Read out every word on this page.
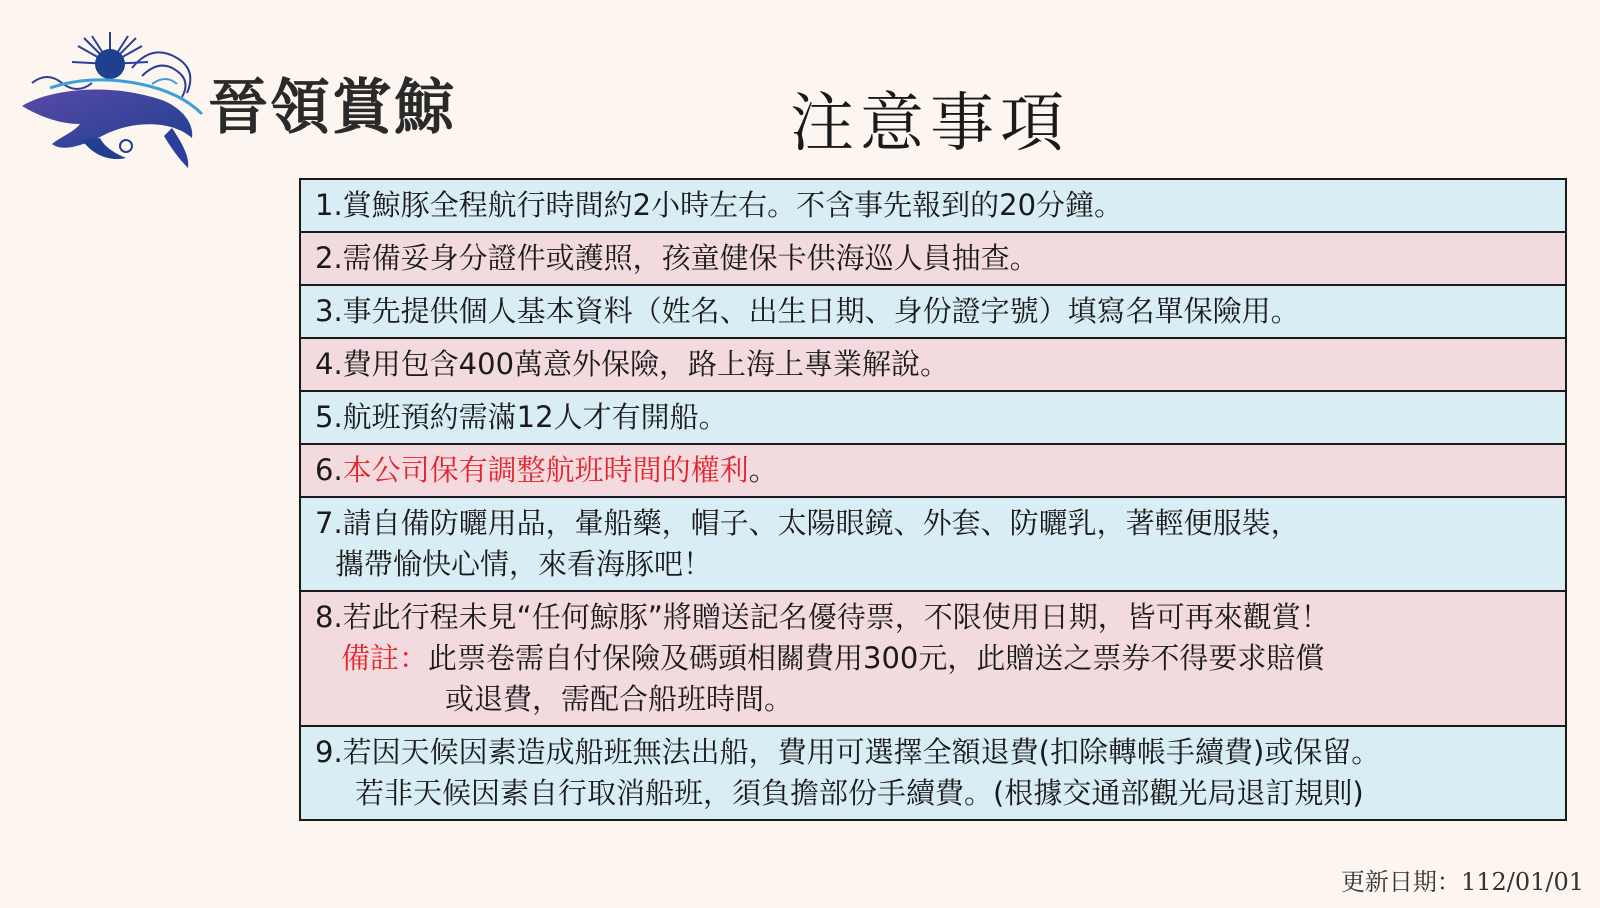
晉領賞鯨	注意事項
1.賞鯨豚全程航行時間約2小時左右。不含事先報到的20分鐘。
2.需備妥身分證件或護照，孩童健保卡供海巡人員抽查。
3.事先提供個人基本資料（姓名、出生日期、身份證字號）填寫名單保險用。
4.費用包含400萬意外保險，路上海上專業解說。
5.航班預約需滿12人才有開船。
6.本公司保有調整航班時間的權利。
7.請自備防曬用品，暈船藥，帽子、太陽眼鏡、外套、防曬乳，著輕便服裝，
攜帶愉快心情，來看海豚吧！
8.若此行程未見“任何鯨豚”將贈送記名優待票，不限使用日期，皆可再來觀賞！
備註：此票卷需自付保險及碼頭相關費用300元，此贈送之票券不得要求賠償
或退費，需配合船班時間。
9.若因天候因素造成船班無法出船，費用可選擇全額退費(扣除轉帳手續費)或保留。
若非天候因素自行取消船班，須負擔部份手續費。(根據交通部觀光局退訂規則)
更新日期：112/01/01
